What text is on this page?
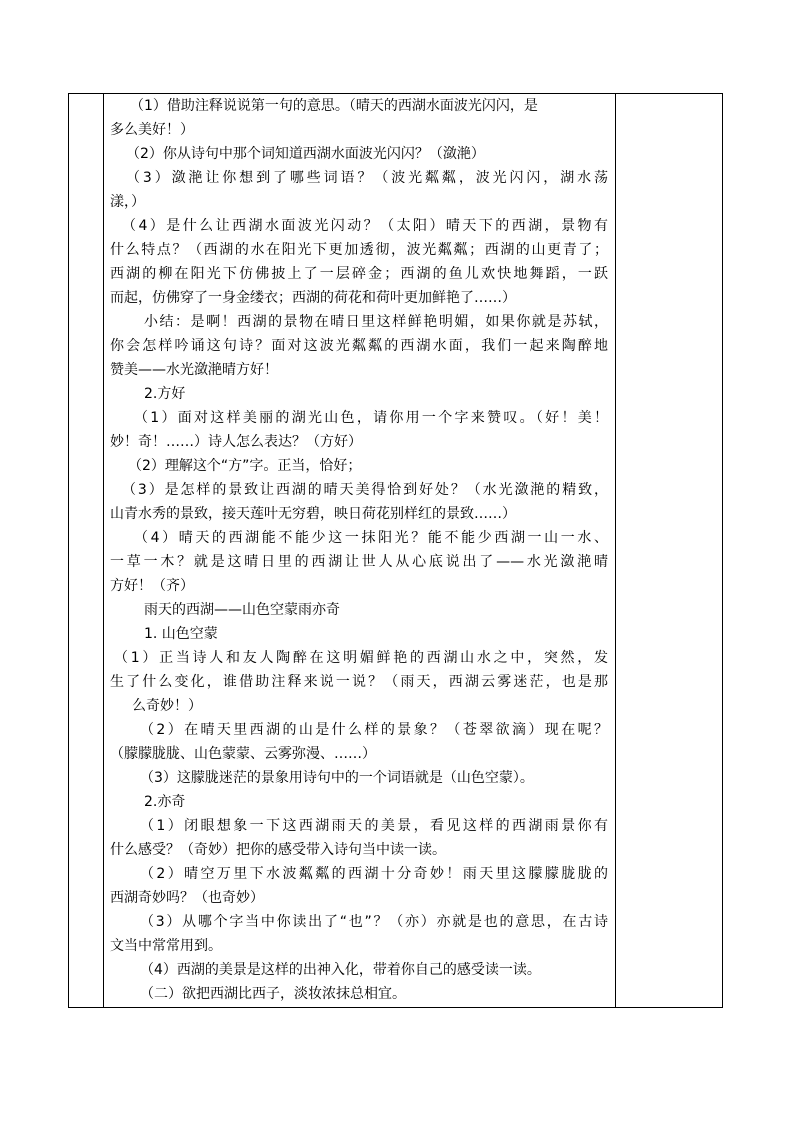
（1）借助注释说说第一句的意思。（晴天的西湖水面波光闪闪，是
多么美好！）
（2）你从诗句中那个词知道西湖水面波光闪闪？（潋滟）
（3）潋滟让你想到了哪些词语？（波光粼粼，波光闪闪，湖水荡
漾，）
（4）是什么让西湖水面波光闪动？（太阳）晴天下的西湖，景物有
什么特点？（西湖的水在阳光下更加透彻，波光粼粼；西湖的山更青了；
西湖的柳在阳光下仿佛披上了一层碎金；西湖的鱼儿欢快地舞蹈，一跃
而起，仿佛穿了一身金缕衣；西湖的荷花和荷叶更加鲜艳了……）
小结：是啊！西湖的景物在晴日里这样鲜艳明媚，如果你就是苏轼，
你会怎样吟诵这句诗？面对这波光粼粼的西湖水面，我们一起来陶醉地
赞美——水光潋滟晴方好！
2.方好
（1）面对这样美丽的湖光山色，请你用一个字来赞叹。（好！美！
妙！奇！……）诗人怎么表达？（方好）
（2）理解这个“方”字。正当，恰好；
（3）是怎样的景致让西湖的晴天美得恰到好处？（水光潋滟的精致，
山青水秀的景致，接天莲叶无穷碧，映日荷花别样红的景致……）
（4）晴天的西湖能不能少这一抹阳光？能不能少西湖一山一水、
一草一木？就是这晴日里的西湖让世人从心底说出了——水光潋滟晴
方好！（齐）
雨天的西湖——山色空蒙雨亦奇
1. 山色空蒙
（1）正当诗人和友人陶醉在这明媚鲜艳的西湖山水之中，突然，发
生了什么变化，谁借助注释来说一说？（雨天，西湖云雾迷茫，也是那
么奇妙！）
（2）在晴天里西湖的山是什么样的景象？（苍翠欲滴）现在呢？
（朦朦胧胧、山色蒙蒙、云雾弥漫、……）
（3）这朦胧迷茫的景象用诗句中的一个词语就是（山色空蒙）。
2.亦奇
（1）闭眼想象一下这西湖雨天的美景，看见这样的西湖雨景你有
什么感受？（奇妙）把你的感受带入诗句当中读一读。
（2）晴空万里下水波粼粼的西湖十分奇妙！雨天里这朦朦胧胧的
西湖奇妙吗？（也奇妙）
（3）从哪个字当中你读出了“也”？（亦）亦就是也的意思，在古诗
文当中常常用到。
（4）西湖的美景是这样的出神入化，带着你自己的感受读一读。
（二）欲把西湖比西子，淡妆浓抹总相宜。
